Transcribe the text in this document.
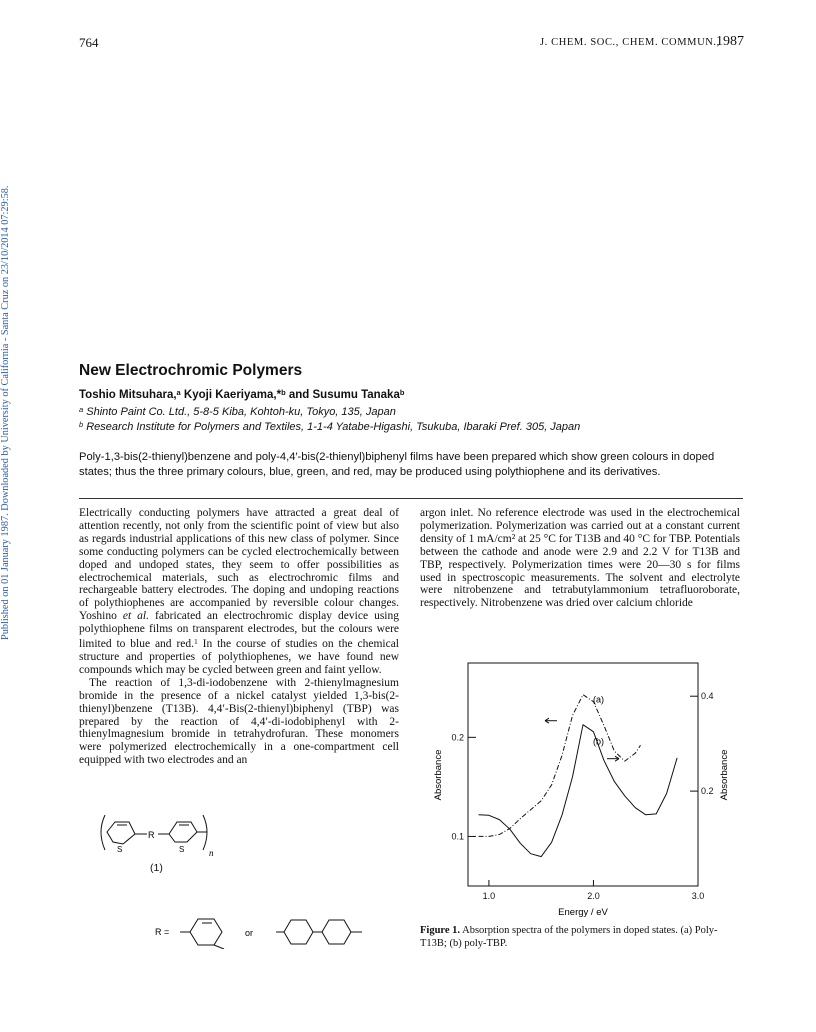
Published on 01 January 1987. Downloaded by University of California - Santa Cruz on 23/10/2014 07:29:58.
764	J. CHEM. SOC., CHEM. COMMUN.,
1987
New Electrochromic Polymers
Toshio Mitsuhara,$^a$ Kyoji Kaeriyama,*$^b$ and Susumu Tanaka$^b$
$^a$ Shinto Paint Co. Ltd., 5-8-5 Kiba, Kohtoh-ku, Tokyo, 135, Japan
$^b$ Research Institute for Polymers and Textiles, 1-1-4 Yatabe-Higashi, Tsukuba, Ibaraki Pref. 305, Japan
Poly-1,3-bis(2-thienyl)benzene and poly-4,4′-bis(2-thienyl)biphenyl films have been prepared which show green colours in doped states; thus the three primary colours, blue, green, and red, may be produced using polythiophene and its derivatives.

Electrically conducting polymers have attracted a great deal of attention recently, not only from the scientific point of view but also as regards industrial applications of this new class of polymer. Since some conducting polymers can be cycled electrochemically between doped and undoped states, they seem to offer possibilities as electrochemical materials, such as electrochromic films and rechargeable battery electrodes. The doping and undoping reactions of polythiophenes are accompanied by reversible colour changes. Yoshino et al. fabricated an electrochromic display device using polythiophene films on transparent electrodes, but the colours were limited to blue and red.$^1$ In the course of studies on the chemical structure and properties of polythiophenes, we have found new compounds which may be cycled between green and faint yellow.

The reaction of 1,3-di-iodobenzene with 2-thienylmagnesium bromide in the presence of a nickel catalyst yielded 1,3-bis(2-thienyl)benzene (T13B). 4,4′-Bis(2-thienyl)biphenyl (TBP) was prepared by the reaction of 4,4′-di-iodobiphenyl with 2-thienylmagnesium bromide in tetrahydrofuran. These monomers were polymerized electrochemically in a one-compartment cell equipped with two electrodes and an

argon inlet. No reference electrode was used in the electrochemical polymerization. Polymerization was carried out at a constant current density of 1 mA/cm² at 25 °C for T13B and 40 °C for TBP. Potentials between the cathode and anode were 2.9 and 2.2 V for T13B and TBP, respectively. Polymerization times were 20—30 s for films used in spectroscopic measurements. The solvent and electrolyte were nitrobenzene and tetrabutylammonium tetrafluoroborate, respectively. Nitrobenzene was dried over calcium chloride

R
S	S	n
(1)
R =	or
(a)
(b)
1.0	2.0	3.0
0.1
0.2
0.2
0.4
Energy / eV
Absorbance	Absorbance
Figure 1. Absorption spectra of the polymers in doped states. (a) Poly-T13B; (b) poly-TBP.
